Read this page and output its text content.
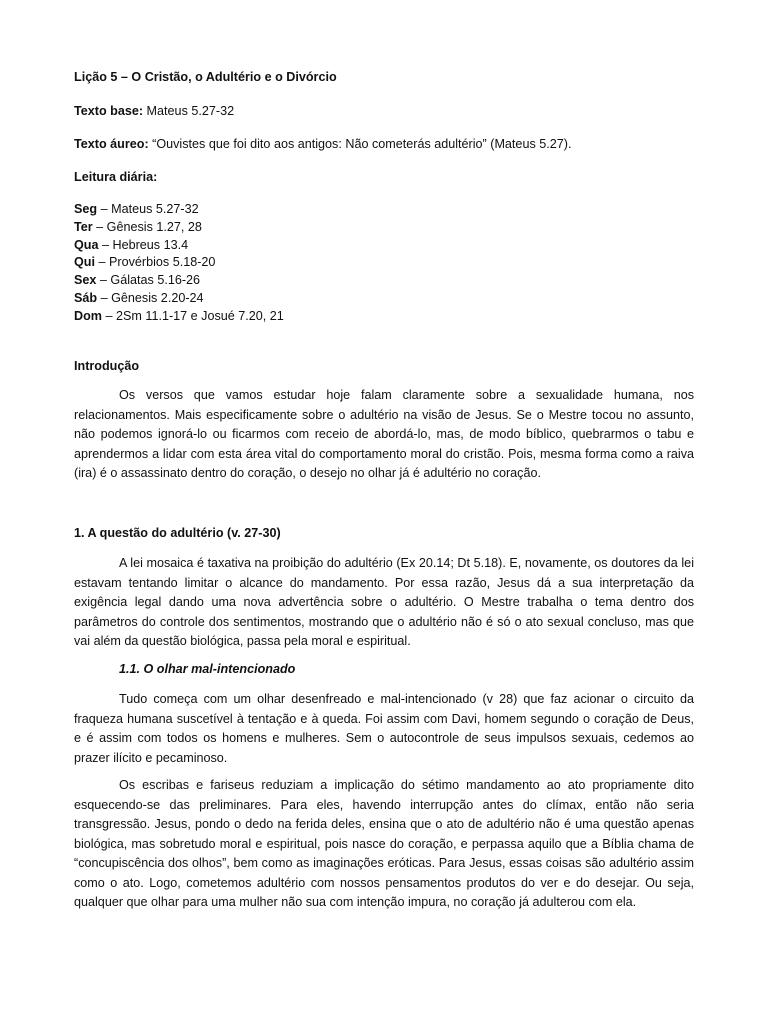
Lição 5 – O Cristão, o Adultério e o Divórcio
Texto base: Mateus 5.27-32
Texto áureo: “Ouvistes que foi dito aos antigos: Não cometerás adultério” (Mateus 5.27).
Leitura diária:
Seg – Mateus 5.27-32
Ter – Gênesis 1.27, 28
Qua – Hebreus 13.4
Qui – Provérbios 5.18-20
Sex – Gálatas 5.16-26
Sáb – Gênesis 2.20-24
Dom – 2Sm 11.1-17 e Josué 7.20, 21
Introdução
Os versos que vamos estudar hoje falam claramente sobre a sexualidade humana, nos relacionamentos. Mais especificamente sobre o adultério na visão de Jesus. Se o Mestre tocou no assunto, não podemos ignorá-lo ou ficarmos com receio de abordá-lo, mas, de modo bíblico, quebrarmos o tabu e aprendermos a lidar com esta área vital do comportamento moral do cristão. Pois, mesma forma como a raiva (ira) é o assassinato dentro do coração, o desejo no olhar já é adultério no coração.
1. A questão do adultério (v. 27-30)
A lei mosaica é taxativa na proibição do adultério (Ex 20.14; Dt 5.18). E, novamente, os doutores da lei estavam tentando limitar o alcance do mandamento. Por essa razão, Jesus dá a sua interpretação da exigência legal dando uma nova advertência sobre o adultério. O Mestre trabalha o tema dentro dos parâmetros do controle dos sentimentos, mostrando que o adultério não é só o ato sexual concluso, mas que vai além da questão biológica, passa pela moral e espiritual.
1.1. O olhar mal-intencionado
Tudo começa com um olhar desenfreado e mal-intencionado (v 28) que faz acionar o circuito da fraqueza humana suscetível à tentação e à queda. Foi assim com Davi, homem segundo o coração de Deus, e é assim com todos os homens e mulheres. Sem o autocontrole de seus impulsos sexuais, cedemos ao prazer ilícito e pecaminoso.
Os escribas e fariseus reduziam a implicação do sétimo mandamento ao ato propriamente dito esquecendo-se das preliminares. Para eles, havendo interrupção antes do clímax, então não seria transgressão. Jesus, pondo o dedo na ferida deles, ensina que o ato de adultério não é uma questão apenas biológica, mas sobretudo moral e espiritual, pois nasce do coração, e perpassa aquilo que a Bíblia chama de “concupiscência dos olhos”, bem como as imaginações eróticas. Para Jesus, essas coisas são adultério assim como o ato. Logo, cometemos adultério com nossos pensamentos produtos do ver e do desejar. Ou seja, qualquer que olhar para uma mulher não sua com intenção impura, no coração já adulterou com ela.
